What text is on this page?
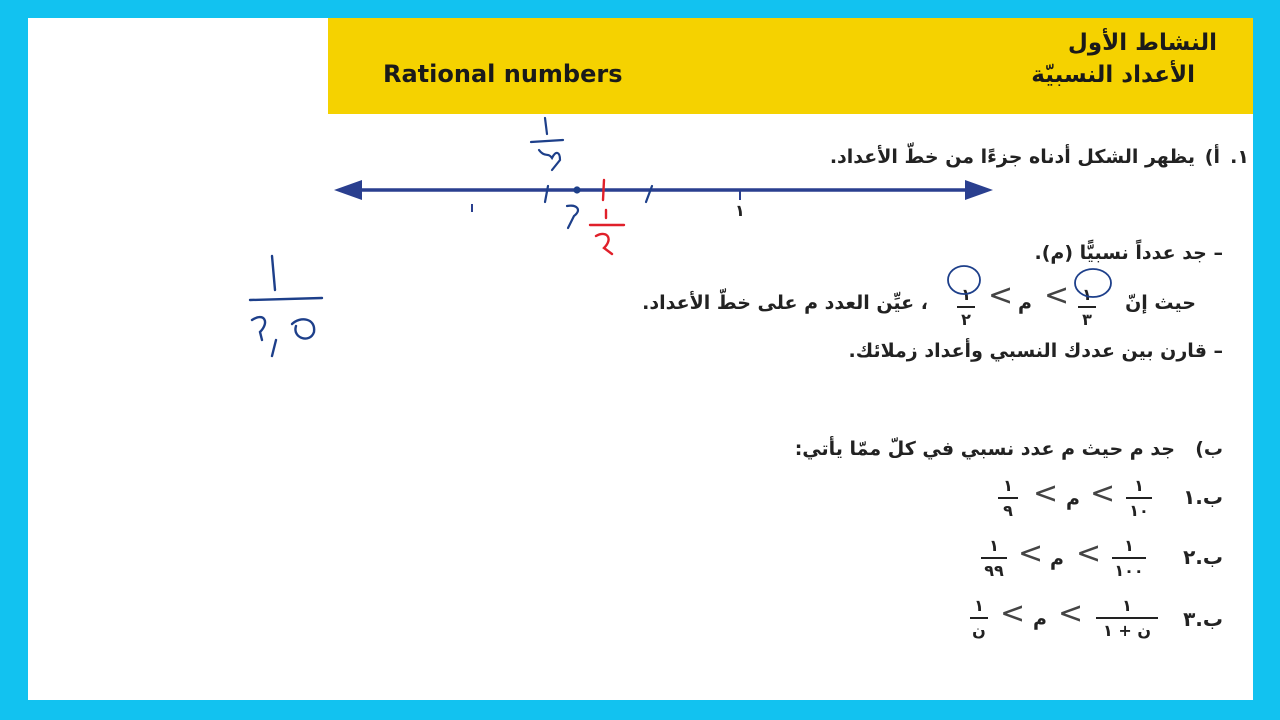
Rational numbers
النشاط الأول
الأعداد النسبيّة
١.
أ)
يظهر الشكل أدناه جزءًا من خطّ الأعداد.
١
– جد عدداً نسبيًّا (م).
حيث إنّ
١
٣
<
م
<
١
٢
، عيِّن العدد م على خطّ الأعداد.
– قارن بين عددك النسبي وأعداد زملائك.
ب)
جد م حيث م عدد نسبي في كلّ ممّا يأتي:
ب.١
١
١٠
<
م
<
١
٩
ب.٢
١
١٠٠
<
م
<
١
٩٩
ب.٣
١
ن + ١
<
م
<
١
ن
